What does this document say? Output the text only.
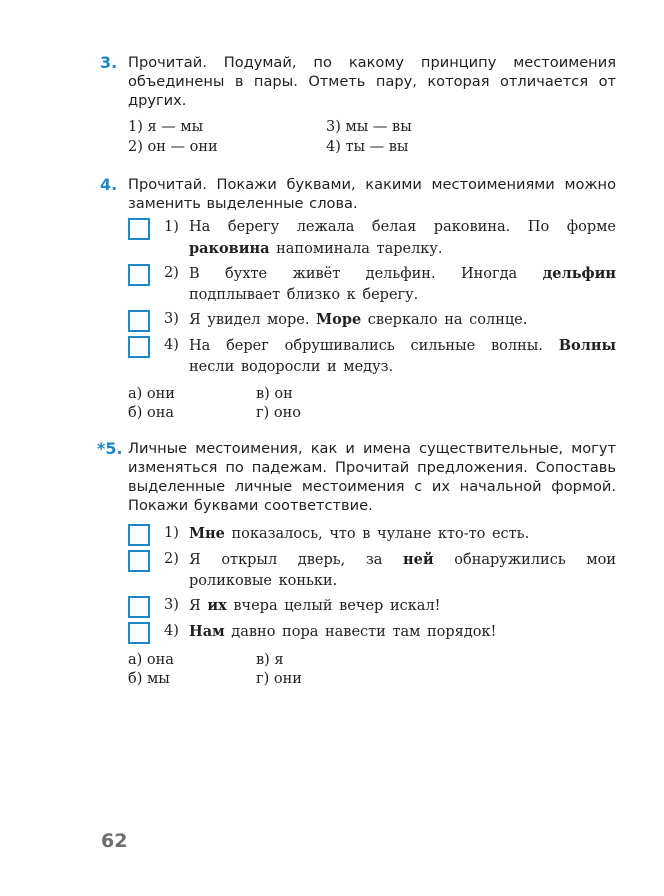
3. Прочитай. Подумай, по какому принципу местоимения объединены в пары. Отметь пару, которая отличается от других.
1) я — мы
2) он — они
3) мы — вы
4) ты — вы
4. Прочитай. Покажи буквами, какими местоимениями можно заменить выделенные слова.
1) На берегу лежала белая раковина. По форме раковина напоминала тарелку.
2) В бухте живёт дельфин. Иногда дельфин подплывает близко к берегу.
3) Я увидел море. Море сверкало на солнце.
4) На берег обрушивались сильные волны. Волны несли водоросли и медуз.
а) они
б) она
в) он
г) оно
*5. Личные местоимения, как и имена существительные, могут изменяться по падежам. Прочитай предложения. Сопоставь выделенные личные местоимения с их начальной формой. Покажи буквами соответствие.
1) Мне показалось, что в чулане кто-то есть.
2) Я открыл дверь, за ней обнаружились мои роликовые коньки.
3) Я их вчера целый вечер искал!
4) Нам давно пора навести там порядок!
а) она
б) мы
в) я
г) они
62
